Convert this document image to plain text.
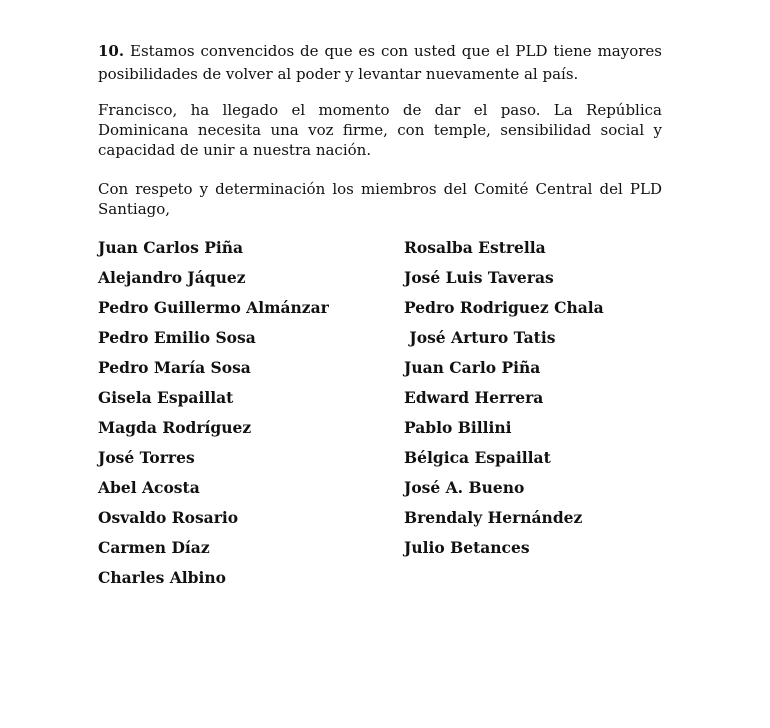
10. Estamos convencidos de que es con usted que el PLD tiene mayores posibilidades de volver al poder y levantar nuevamente al país.

Francisco, ha llegado el momento de dar el paso. La República Dominicana necesita una voz firme, con temple, sensibilidad social y capacidad de unir a nuestra nación.

Con respeto y determinación los miembros del Comité Central del PLD Santiago,

Juan Carlos Piña
Alejandro Jáquez
Pedro Guillermo Almánzar
Pedro Emilio Sosa
Pedro María Sosa
Gisela Espaillat
Magda Rodríguez
José Torres
Abel Acosta
Osvaldo Rosario
Carmen Díaz
Charles Albino
Rosalba Estrella
José Luis Taveras
Pedro Rodriguez Chala
José Arturo Tatis
Juan Carlo Piña
Edward Herrera
Pablo Billini
Bélgica Espaillat
José A. Bueno
Brendaly Hernández
Julio Betances
